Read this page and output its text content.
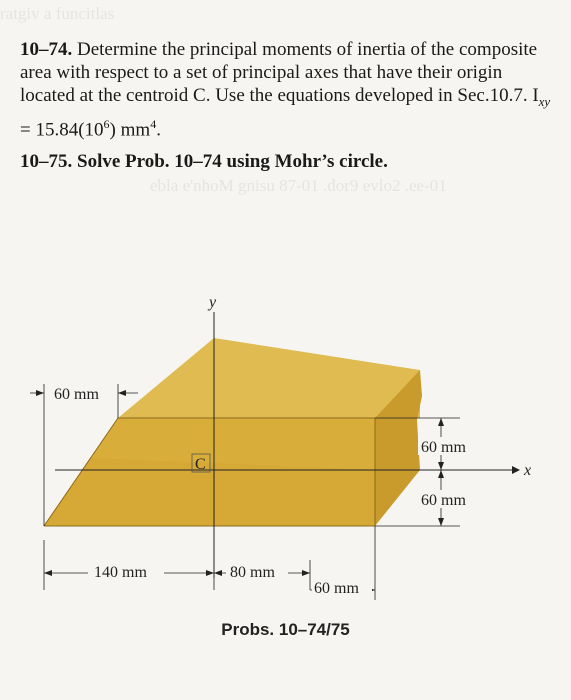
ratgiv a funcitlas
ebla e'nhoM gnisu 87-01 .dor9 evlo2 .ee-01
10–74. Determine the principal moments of inertia of the composite area with respect to a set of principal axes that have their origin located at the centroid C. Use the equations developed in Sec.10.7. $I_{xy} = 15.84(10^6)$ $mm^4$.
10–75. Solve Prob. 10–74 using Mohr’s circle.
y
x
C
60 mm
140 mm	80 mm
60 mm
60 mm
60 mm
Probs. 10–74/75
